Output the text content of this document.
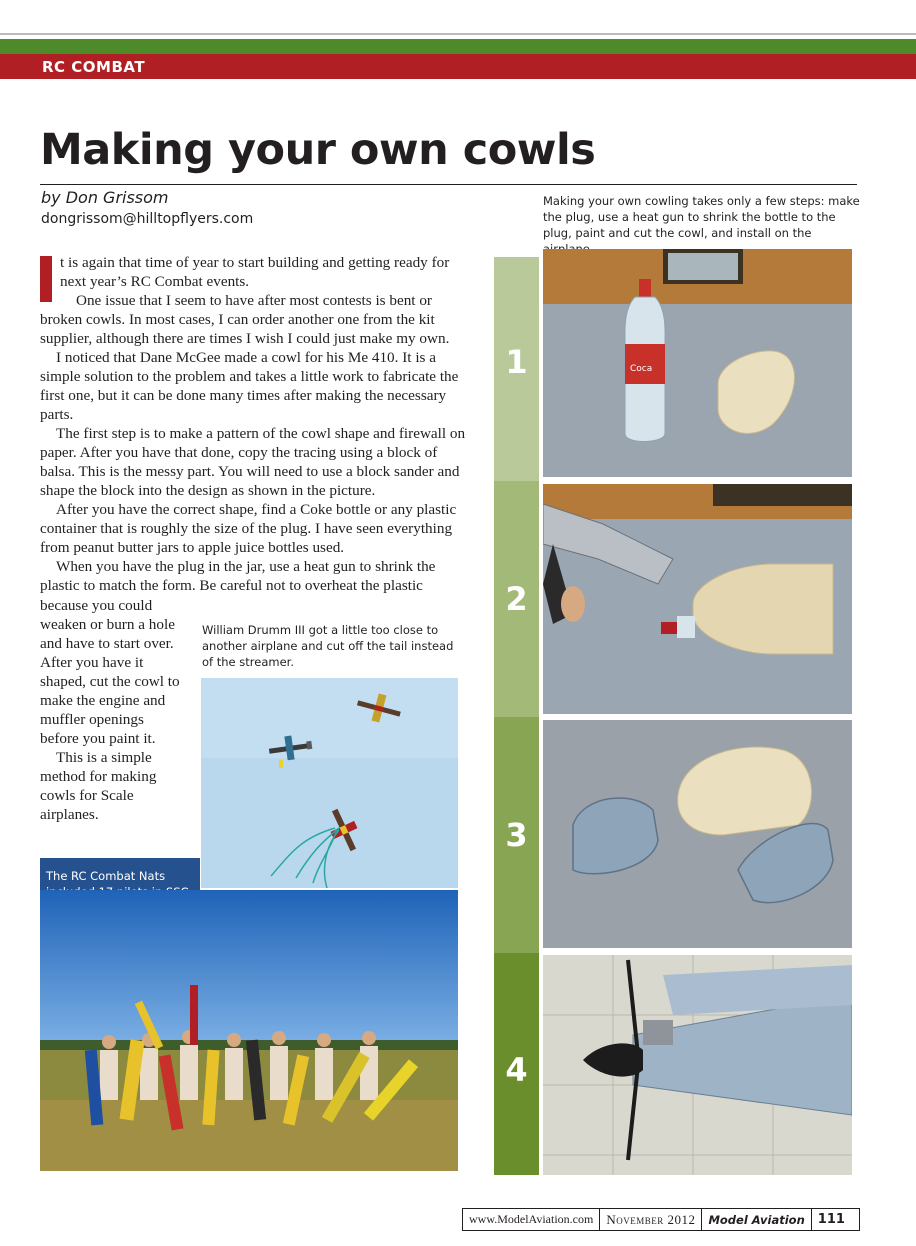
RC COMBAT
Making your own cowls
by Don Grissom
dongrissom@hilltopflyers.com

t is again that time of year to start building and getting ready for next year’s RC Combat events.

One issue that I seem to have after most contests is bent or broken cowls. In most cases, I can order another one from the kit supplier, although there are times I wish I could just make my own.

I noticed that Dane McGee made a cowl for his Me 410. It is a simple solution to the problem and takes a little work to fabricate the first one, but it can be done many times after making the necessary parts.

The first step is to make a pattern of the cowl shape and firewall on paper. After you have that done, copy the tracing using a block of balsa. This is the messy part. You will need to use a block sander and shape the block into the design as shown in the picture.

After you have the correct shape, find a Coke bottle or any plastic container that is roughly the size of the plug. I have seen everything from peanut butter jars to apple juice bottles used.

When you have the plug in the jar, use a heat gun to shrink the plastic to match the form. Be careful not to overheat the plastic

because you could weaken or burn a hole and have to start over. After you have it shaped, cut the cowl to make the engine and muffler openings before you paint it.

This is a simple method for making cowls for Scale airplanes.

William Drumm III got a little too close to another airplane and cut off the tail instead of the streamer.
The RC Combat Nats
Making your own cowling takes only a few steps: make the plug, use a heat gun to shrink the bottle to the plug, paint and cut the cowl, and install on the
1
2
3
4
Coca
www.ModelAviation.com	November 2012	Model Aviation	111
